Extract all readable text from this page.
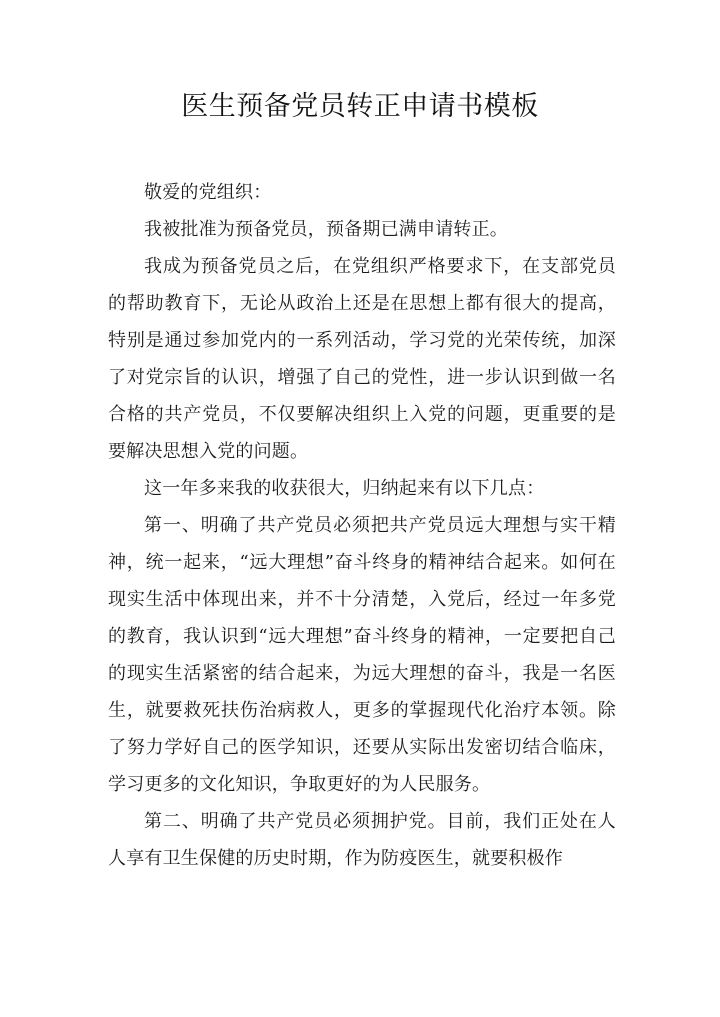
医生预备党员转正申请书模板

敬爱的党组织：

我被批准为预备党员，预备期已满申请转正。

我成为预备党员之后，在党组织严格要求下，在支部党员的帮助教育下，无论从政治上还是在思想上都有很大的提高，特别是通过参加党内的一系列活动，学习党的光荣传统，加深了对党宗旨的认识，增强了自己的党性，进一步认识到做一名合格的共产党员，不仅要解决组织上入党的问题，更重要的是要解决思想入党的问题。

这一年多来我的收获很大，归纳起来有以下几点：

第一、明确了共产党员必须把共产党员远大理想与实干精神，统一起来，“远大理想”奋斗终身的精神结合起来。如何在现实生活中体现出来，并不十分清楚，入党后，经过一年多党的教育，我认识到“远大理想”奋斗终身的精神，一定要把自己的现实生活紧密的结合起来，为远大理想的奋斗，我是一名医生，就要救死扶伤治病救人，更多的掌握现代化治疗本领。除了努力学好自己的医学知识，还要从实际出发密切结合临床，学习更多的文化知识，争取更好的为人民服务。

第二、明确了共产党员必须拥护党。目前，我们正处在人人享有卫生保健的历史时期，作为防疫医生，就要积极作
